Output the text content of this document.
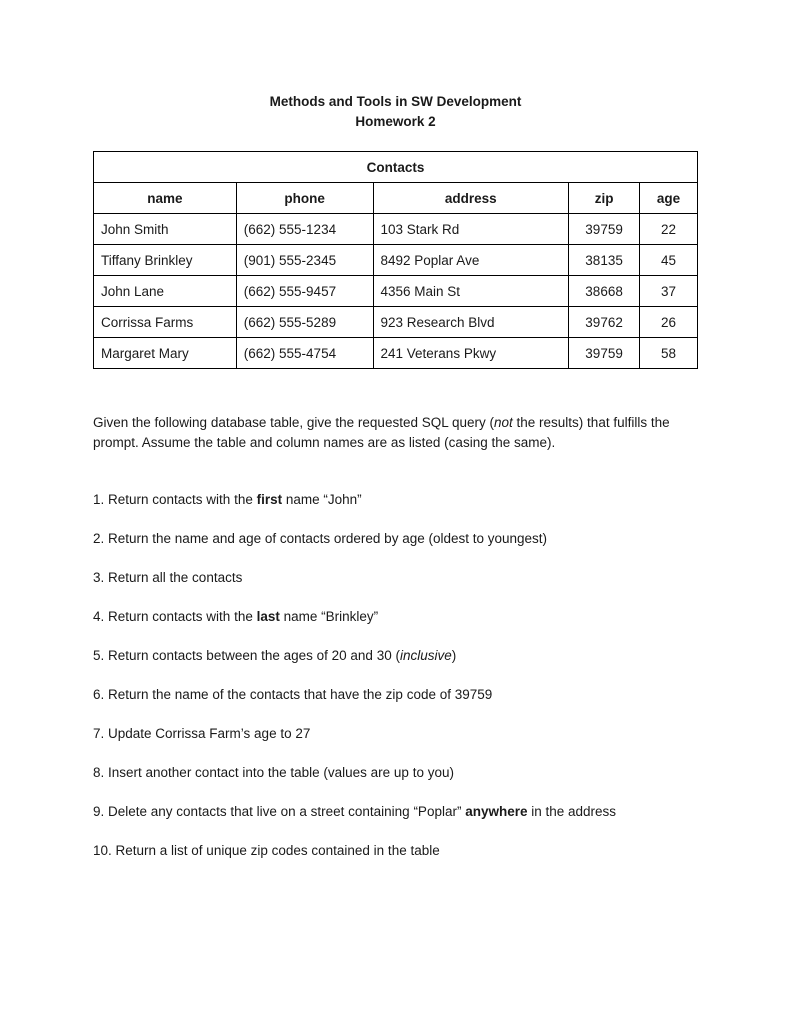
Methods and Tools in SW Development
Homework 2
Contacts				
name	phone	address	zip	age
John Smith	(662) 555-1234	103 Stark Rd	39759	22
Tiffany Brinkley	(901) 555-2345	8492 Poplar Ave	38135	45
John Lane	(662) 555-9457	4356 Main St	38668	37
Corrissa Farms	(662) 555-5289	923 Research Blvd	39762	26
Margaret Mary	(662) 555-4754	241 Veterans Pkwy	39759	58

Given the following database table, give the requested SQL query (not the results) that fulfills the prompt. Assume the table and column names are as listed (casing the same).

1. Return contacts with the first name “John”
2. Return the name and age of contacts ordered by age (oldest to youngest)
3. Return all the contacts
4. Return contacts with the last name “Brinkley”
5. Return contacts between the ages of 20 and 30 (inclusive)
6. Return the name of the contacts that have the zip code of 39759
7. Update Corrissa Farm’s age to 27
8. Insert another contact into the table (values are up to you)
9. Delete any contacts that live on a street containing “Poplar” anywhere in the address
10. Return a list of unique zip codes contained in the table
